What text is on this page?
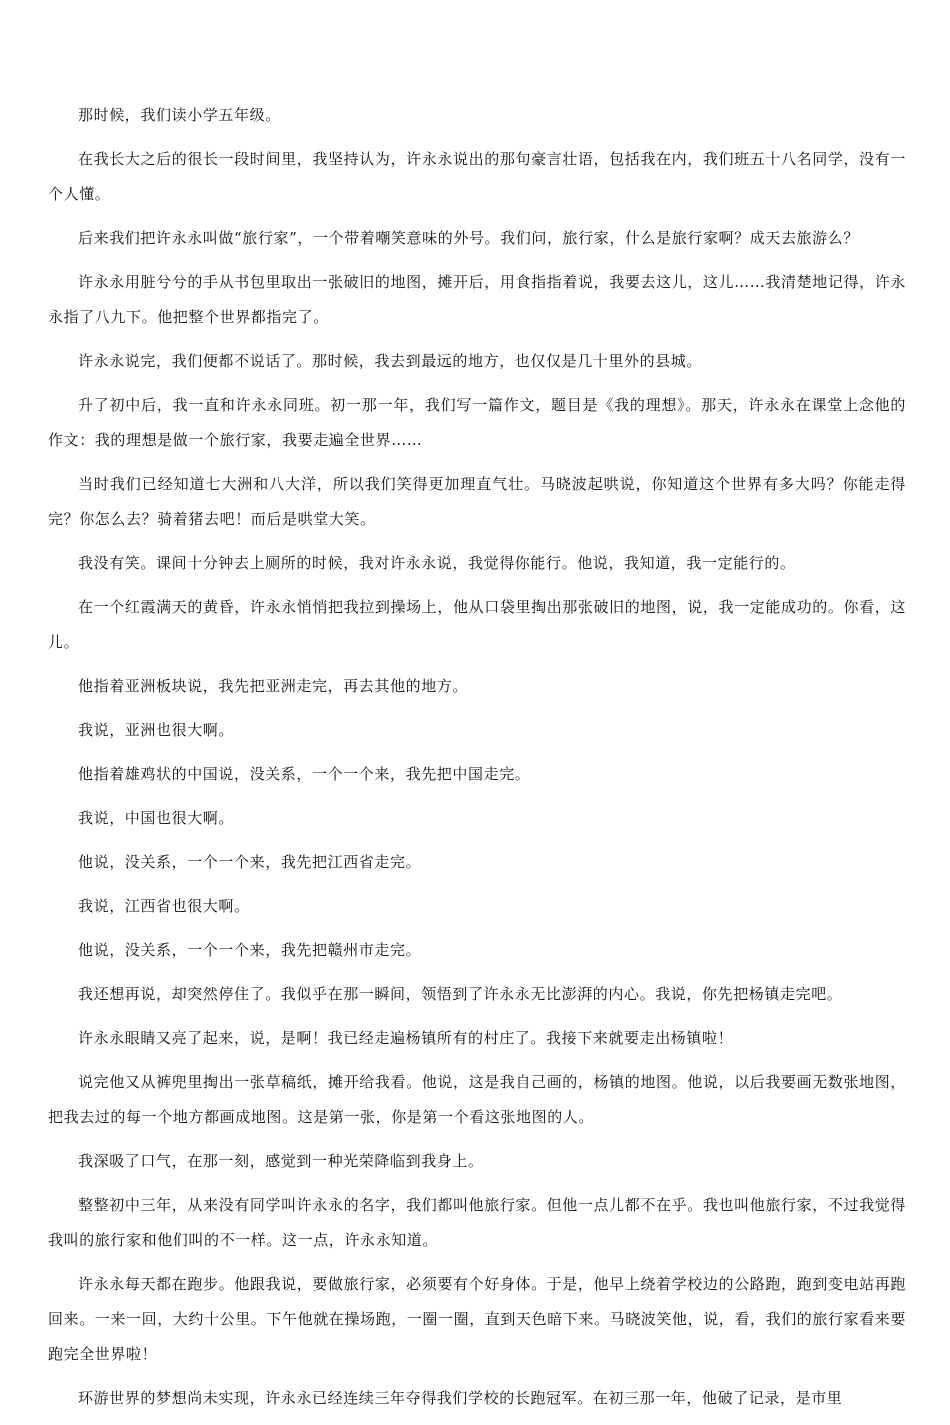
那时候，我们读小学五年级。

在我长大之后的很长一段时间里，我坚持认为，许永永说出的那句豪言壮语，包括我在内，我们班五十八名同学，没有一个人懂。

后来我们把许永永叫做“旅行家”，一个带着嘲笑意味的外号。我们问，旅行家，什么是旅行家啊？成天去旅游么？

许永永用脏兮兮的手从书包里取出一张破旧的地图，摊开后，用食指指着说，我要去这儿，这儿……我清楚地记得，许永永指了八九下。他把整个世界都指完了。

许永永说完，我们便都不说话了。那时候，我去到最远的地方，也仅仅是几十里外的县城。

升了初中后，我一直和许永永同班。初一那一年，我们写一篇作文，题目是《我的理想》。那天，许永永在课堂上念他的作文：我的理想是做一个旅行家，我要走遍全世界……

当时我们已经知道七大洲和八大洋，所以我们笑得更加理直气壮。马晓波起哄说，你知道这个世界有多大吗？你能走得完？你怎么去？骑着猪去吧！而后是哄堂大笑。

我没有笑。课间十分钟去上厕所的时候，我对许永永说，我觉得你能行。他说，我知道，我一定能行的。

在一个红霞满天的黄昏，许永永悄悄把我拉到操场上，他从口袋里掏出那张破旧的地图，说，我一定能成功的。你看，这儿。

他指着亚洲板块说，我先把亚洲走完，再去其他的地方。

我说，亚洲也很大啊。

他指着雄鸡状的中国说，没关系，一个一个来，我先把中国走完。

我说，中国也很大啊。

他说，没关系，一个一个来，我先把江西省走完。

我说，江西省也很大啊。

他说，没关系，一个一个来，我先把赣州市走完。

我还想再说，却突然停住了。我似乎在那一瞬间，领悟到了许永永无比澎湃的内心。我说，你先把杨镇走完吧。

许永永眼睛又亮了起来，说，是啊！我已经走遍杨镇所有的村庄了。我接下来就要走出杨镇啦！

说完他又从裤兜里掏出一张草稿纸，摊开给我看。他说，这是我自己画的，杨镇的地图。他说，以后我要画无数张地图，把我去过的每一个地方都画成地图。这是第一张，你是第一个看这张地图的人。

我深吸了口气，在那一刻，感觉到一种光荣降临到我身上。

整整初中三年，从来没有同学叫许永永的名字，我们都叫他旅行家。但他一点儿都不在乎。我也叫他旅行家，不过我觉得我叫的旅行家和他们叫的不一样。这一点，许永永知道。

许永永每天都在跑步。他跟我说，要做旅行家，必须要有个好身体。于是，他早上绕着学校边的公路跑，跑到变电站再跑回来。一来一回，大约十公里。下午他就在操场跑，一圈一圈，直到天色暗下来。马晓波笑他，说，看，我们的旅行家看来要跑完全世界啦！

环游世界的梦想尚未实现，许永永已经连续三年夺得我们学校的长跑冠军。在初三那一年，他破了记录，是市里
